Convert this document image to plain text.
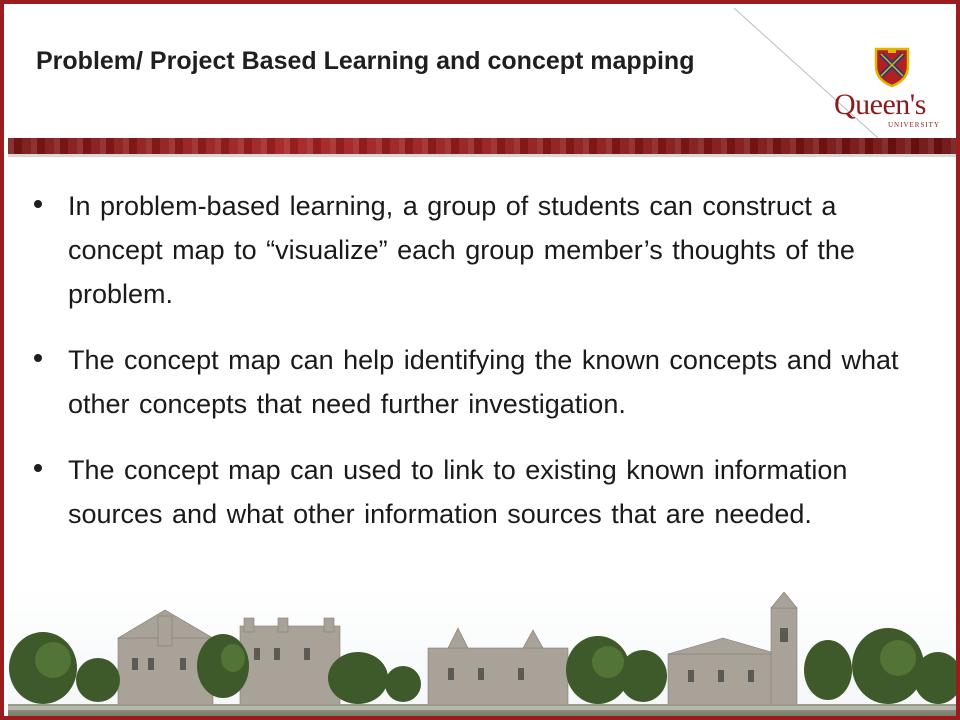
Problem/ Project Based Learning and concept mapping
Queen's
UNIVERSITY
In problem-based learning, a group of students can construct a concept map to “visualize” each group member’s thoughts of the problem.
The concept map can help identifying the known concepts and what other concepts that need further investigation.
The concept map can used to link to existing known information sources and what other information sources that are needed.
